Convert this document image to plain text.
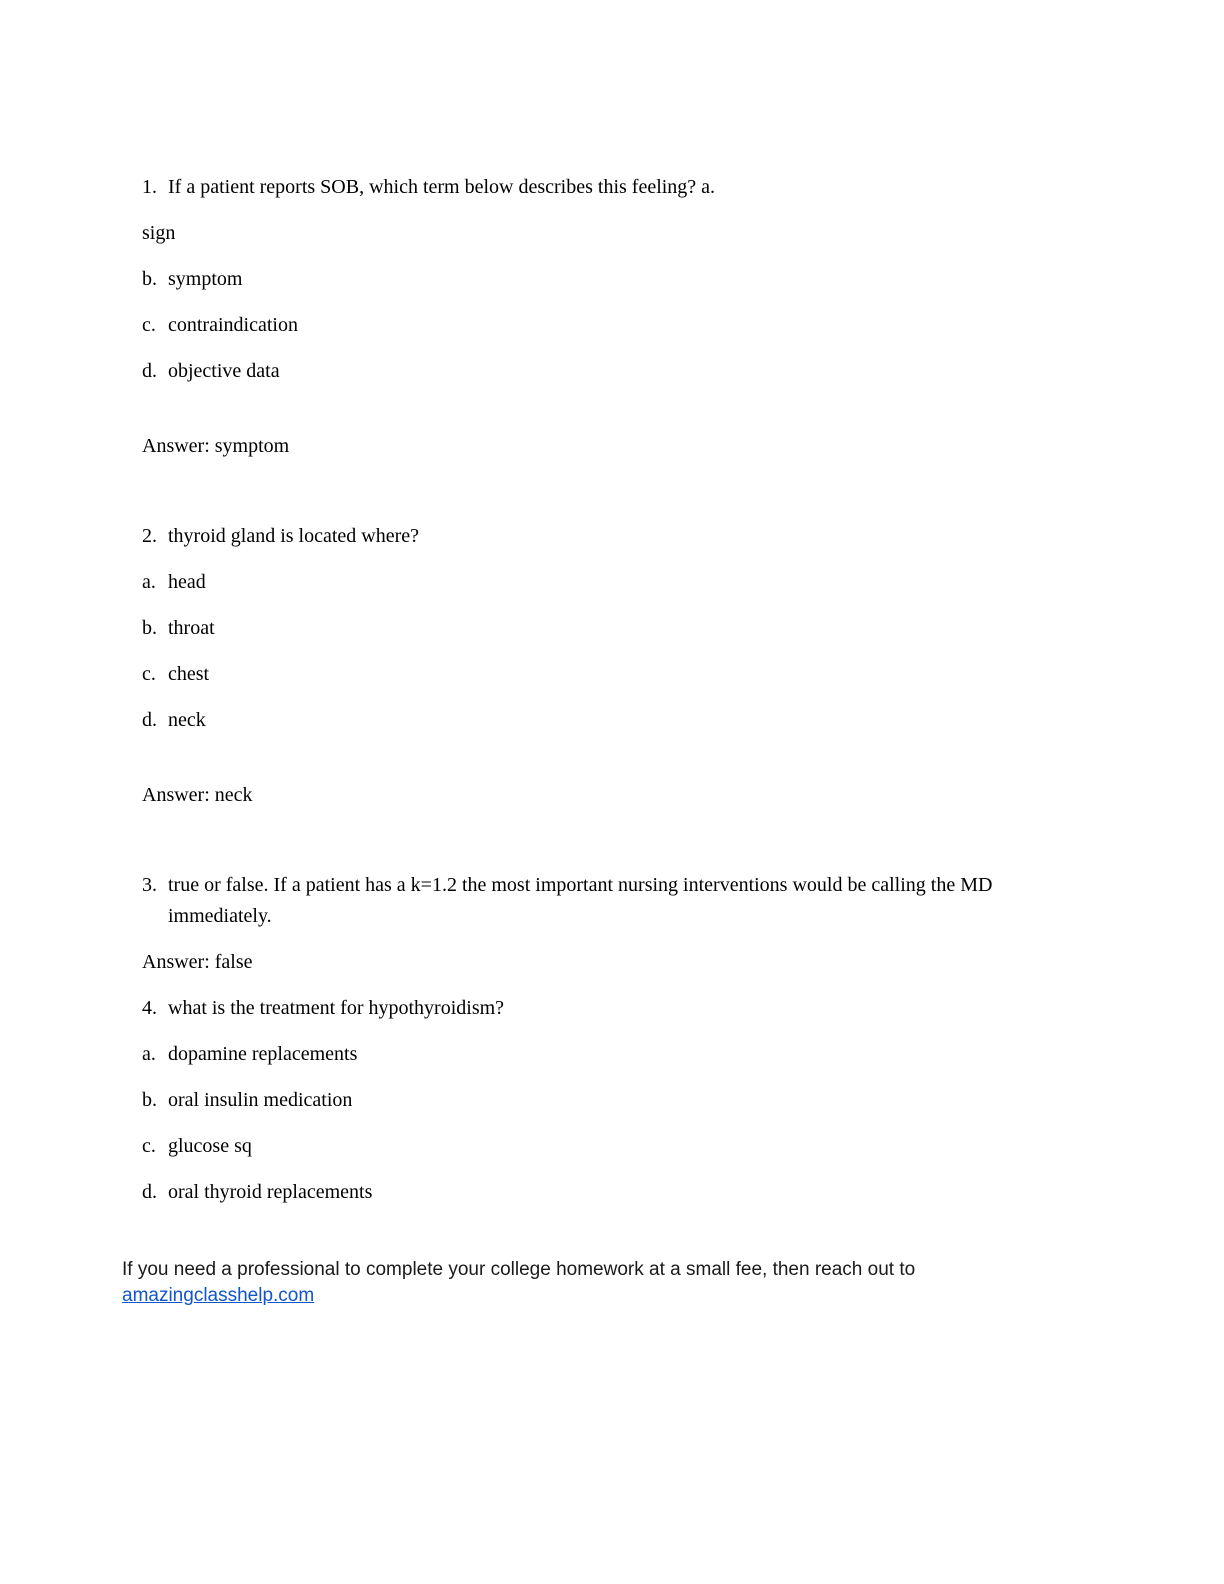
1. If a patient reports SOB, which term below describes this feeling? a.

sign

b. symptom

c. contraindication

d. objective data

Answer: symptom

2. thyroid gland is located where?

a. head

b. throat

c. chest

d. neck

Answer: neck

3. true or false. If a patient has a k=1.2 the most important nursing interventions would be calling the MD immediately.

Answer: false

4. what is the treatment for hypothyroidism?

a. dopamine replacements

b. oral insulin medication

c. glucose sq

d. oral thyroid replacements

If you need a professional to complete your college homework at a small fee, then reach out to
amazingclasshelp.com
